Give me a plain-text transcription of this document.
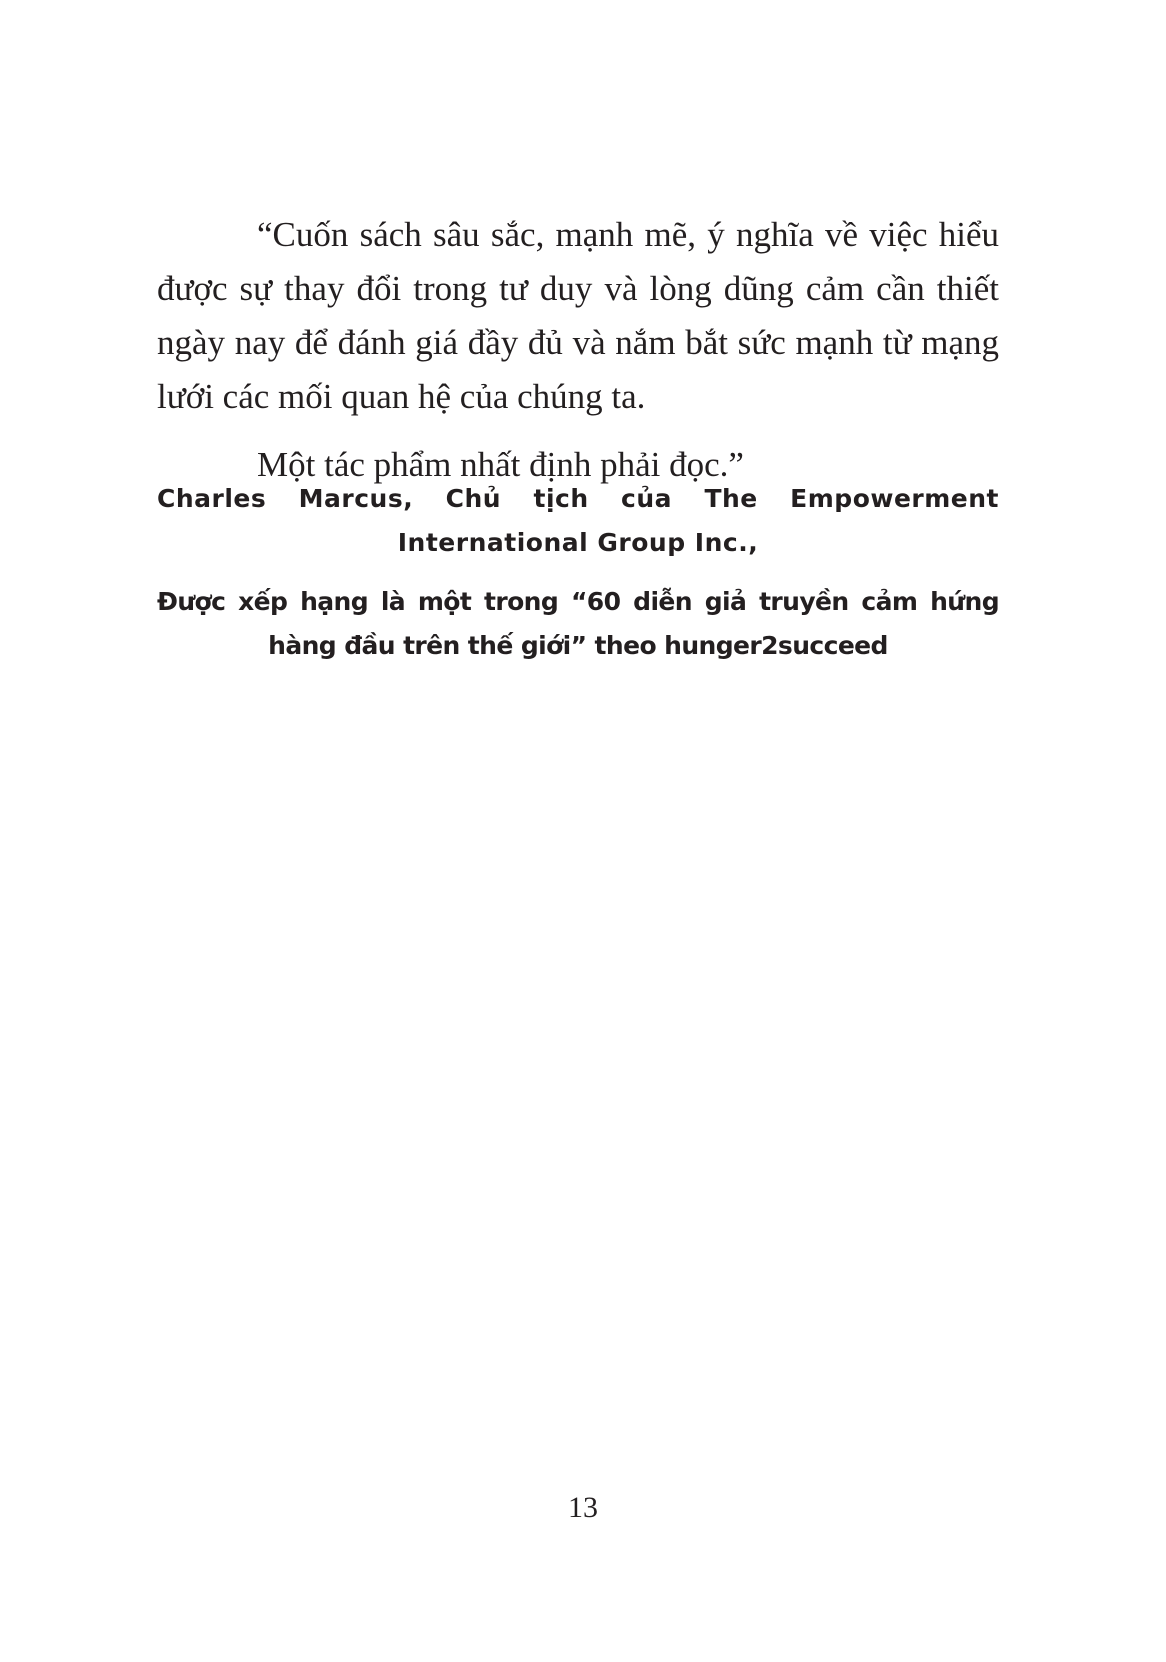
“Cuốn sách sâu sắc, mạnh mẽ, ý nghĩa về việc hiểu được sự thay đổi trong tư duy và lòng dũng cảm cần thiết ngày nay để đánh giá đầy đủ và nắm bắt sức mạnh từ mạng lưới các mối quan hệ của chúng ta.

Một tác phẩm nhất định phải đọc.”

Charles Marcus, Chủ tịch của The Empowerment International Group Inc.,
Được xếp hạng là một trong “60 diễn giả truyền cảm hứng hàng đầu trên thế giới” theo hunger2succeed
13
